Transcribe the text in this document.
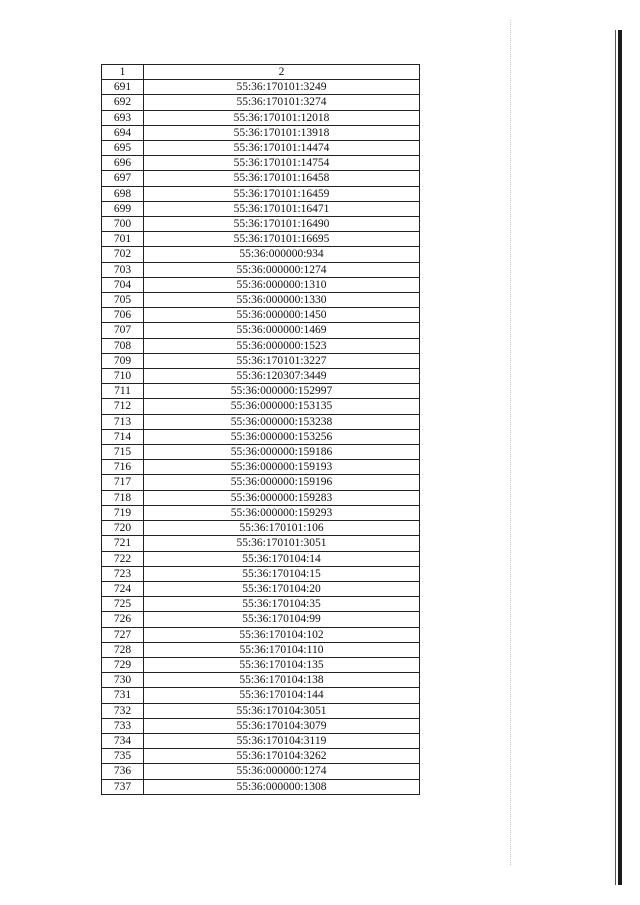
1	2
691	55:36:170101:3249
692	55:36:170101:3274
693	55:36:170101:12018
694	55:36:170101:13918
695	55:36:170101:14474
696	55:36:170101:14754
697	55:36:170101:16458
698	55:36:170101:16459
699	55:36:170101:16471
700	55:36:170101:16490
701	55:36:170101:16695
702	55:36:000000:934
703	55:36:000000:1274
704	55:36:000000:1310
705	55:36:000000:1330
706	55:36:000000:1450
707	55:36:000000:1469
708	55:36:000000:1523
709	55:36:170101:3227
710	55:36:120307:3449
711	55:36:000000:152997
712	55:36:000000:153135
713	55:36:000000:153238
714	55:36:000000:153256
715	55:36:000000:159186
716	55:36:000000:159193
717	55:36:000000:159196
718	55:36:000000:159283
719	55:36:000000:159293
720	55:36:170101:106
721	55:36:170101:3051
722	55:36:170104:14
723	55:36:170104:15
724	55:36:170104:20
725	55:36:170104:35
726	55:36:170104:99
727	55:36:170104:102
728	55:36:170104:110
729	55:36:170104:135
730	55:36:170104:138
731	55:36:170104:144
732	55:36:170104:3051
733	55:36:170104:3079
734	55:36:170104:3119
735	55:36:170104:3262
736	55:36:000000:1274
737	55:36:000000:1308
